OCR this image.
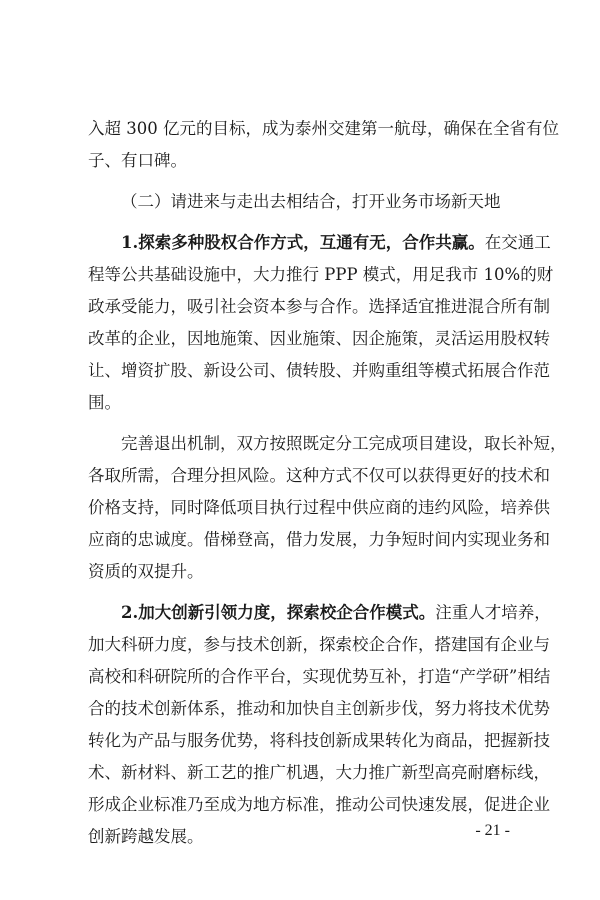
入超 300 亿元的目标，成为泰州交建第一航母，确保在全省有位
子、有口碑。
（二）请进来与走出去相结合，打开业务市场新天地
1.探索多种股权合作方式，互通有无，合作共赢。在交通工
程等公共基础设施中，大力推行 PPP 模式，用足我市 10%的财
政承受能力，吸引社会资本参与合作。选择适宜推进混合所有制
改革的企业，因地施策、因业施策、因企施策，灵活运用股权转
让、增资扩股、新设公司、债转股、并购重组等模式拓展合作范
围。
完善退出机制，双方按照既定分工完成项目建设，取长补短，
各取所需，合理分担风险。这种方式不仅可以获得更好的技术和
价格支持，同时降低项目执行过程中供应商的违约风险，培养供
应商的忠诚度。借梯登高，借力发展，力争短时间内实现业务和
资质的双提升。
2.加大创新引领力度，探索校企合作模式。注重人才培养，
加大科研力度，参与技术创新，探索校企合作，搭建国有企业与
高校和科研院所的合作平台，实现优势互补，打造“产学研”相结
合的技术创新体系，推动和加快自主创新步伐，努力将技术优势
转化为产品与服务优势，将科技创新成果转化为商品，把握新技
术、新材料、新工艺的推广机遇，大力推广新型高亮耐磨标线，
形成企业标准乃至成为地方标准，推动公司快速发展，促进企业
创新跨越发展。	- 21 -
